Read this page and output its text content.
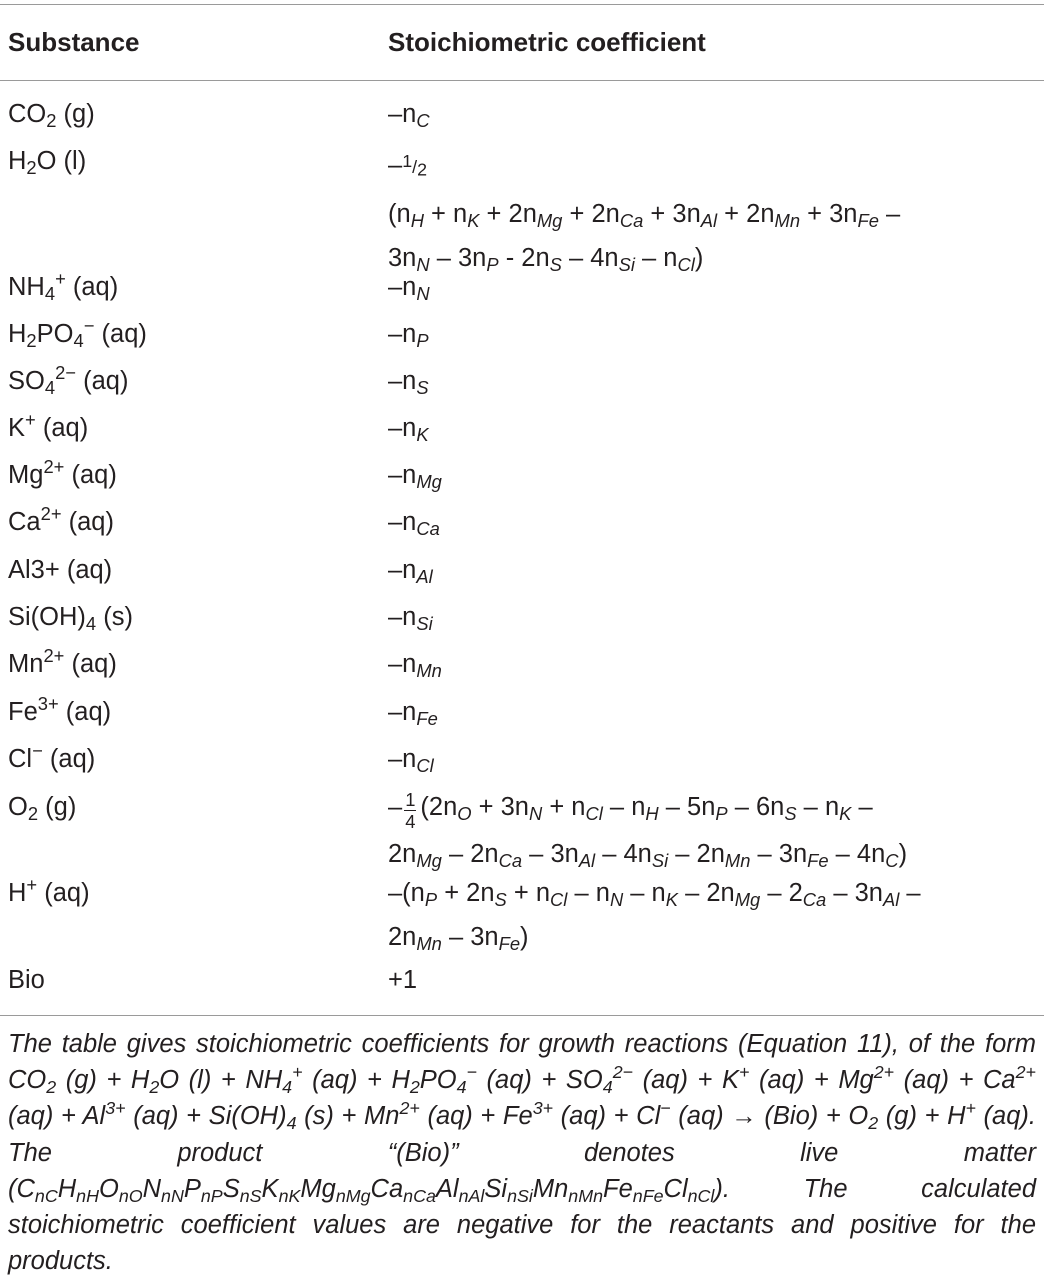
Substance	Stoichiometric coefficient
$CO_2$ (g)	$-n_C$
$H_2O$ (l)	–1/2
($n_H + n_K + 2n_{Mg} + 2n_{Ca} + 3n_{Al} + 2n_{Mn} + 3n_{Fe}$ –
$3n_N - 3n_P - 2n_S - 4n_{Si} - n_{Cl}$)
$NH_4^+$ (aq)	$-n_N$
$H_2PO_4^-$ (aq)	$-n_P$
$SO_4^{2-}$ (aq)	$-n_S$
K+ (aq)	$-n_K$
$Mg^{2+}$ (aq)	$-n_{Mg}$
$Ca^{2+}$ (aq)	$-n_{Ca}$
Al3+ (aq)	$-n_{Al}$
$Si(OH)_4$ (s)	$-n_{Si}$
$Mn^{2+}$ (aq)	$-n_{Mn}$
$Fe^{3+}$ (aq)	$-n_{Fe}$
Cl− (aq)	$-n_{Cl}$
$O_2$ (g)	– $\frac{1}{4} (2n_O + 3n_N + n_{Cl} - n_H - 5n_P - 6n_S - n_K$ –
$2n_{Mg} - 2n_{Ca} - 3n_{Al} - 4n_{Si} - 2n_{Mn} - 3n_{Fe} - 4n_C$)
H+ (aq)	$-(n_P + 2n_S + n_{Cl} - n_N - n_K - 2n_{Mg} - 2_{Ca} - 3n_{Al}$ –
$2n_{Mn} - 3n_{Fe}$)
Bio	+1
The table gives stoichiometric coefficients for growth reactions (Equation 11), of the form $CO_2$ $(g) + H_2O$ $(l) + NH_4^+$ $(aq) + H_2PO_4^-$ $(aq) + SO_4^{2-}$ (aq) + K+ $(aq) + Mg^{2+}$ $(aq) + Ca^{2+}$ $(aq) + Al^{3+}$ $(aq) + Si(OH)_4$ $(s) + Mn^{2+}$ $(aq) + Fe^{3+}$ (aq) + Cl− $(aq) \to (Bio) + O_2$ (g) + H+ (aq). The product “(Bio)” denotes live matter $(C_{nC}H_{nH}O_{nO}N_{nN}P_{nP}S_{nS}K_{nK}Mg_{nMg}Ca_{nCa}Al_{nAl}Si_{nSi}Mn_{nMn}Fe_{nFe}Cl_{nCl})$. The calculated stoichiometric coefficient values are negative for the reactants and positive for the products.
